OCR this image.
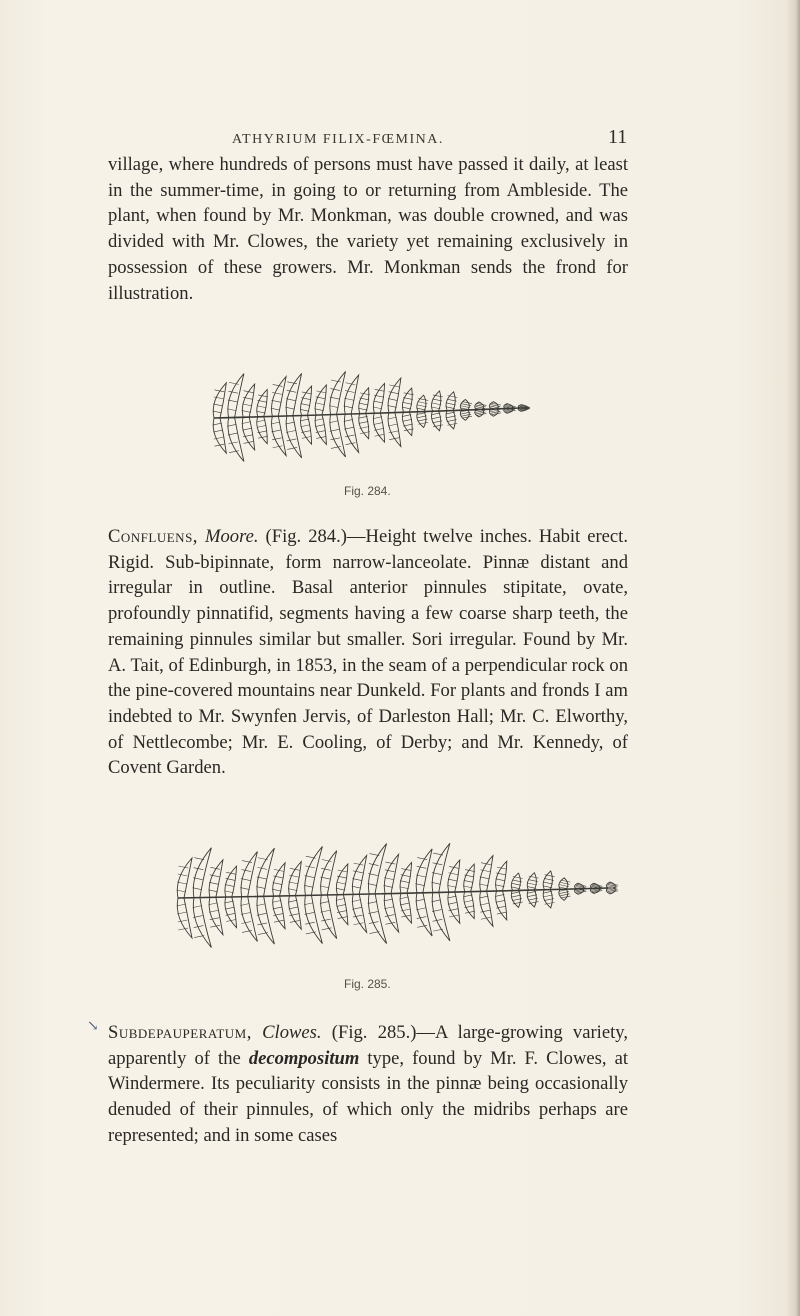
ATHYRIUM FILIX-FŒMINA.	11

village, where hundreds of persons must have passed it daily, at least in the summer-time, in going to or returning from Ambleside. The plant, when found by Mr. Monkman, was double crowned, and was divided with Mr. Clowes, the variety yet remaining exclusively in possession of these growers. Mr. Monkman sends the frond for illustration.

Fig. 284.

Confluens, Moore. (Fig. 284.)—Height twelve inches. Habit erect. Rigid. Sub-bipinnate, form narrow-lanceolate. Pinnæ distant and irregular in outline. Basal anterior pinnules stipitate, ovate, profoundly pinnatifid, segments having a few coarse sharp teeth, the remaining pinnules similar but smaller. Sori irregular. Found by Mr. A. Tait, of Edinburgh, in 1853, in the seam of a perpendicular rock on the pine-covered mountains near Dunkeld. For plants and fronds I am indebted to Mr. Swynfen Jervis, of Darleston Hall; Mr. C. Elworthy, of Nettlecombe; Mr. E. Cooling, of Derby; and Mr. Kennedy, of Covent Garden.

Fig. 285.
↘ Subdepauperatum, Clowes. (Fig. 285.)—A large-growing variety, apparently of the decompositum type, found by Mr. F. Clowes, at Windermere. Its peculiarity consists in the pinnæ being occasionally denuded of their pinnules, of which only the midribs perhaps are represented; and in some cases
